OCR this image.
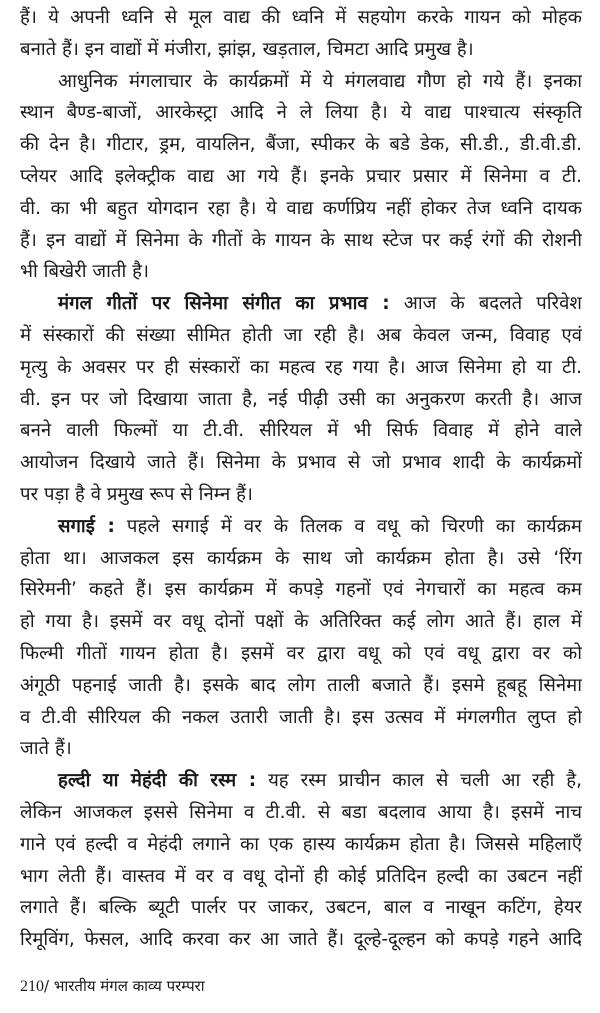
हैं। ये अपनी ध्वनि से मूल वाद्य की ध्वनि में सहयोग करके गायन को मोहक
बनाते हैं। इन वाद्यों में मंजीरा, झांझ, खड़ताल, चिमटा आदि प्रमुख है।
आधुनिक मंगलाचार के कार्यक्रमों में ये मंगलवाद्य गौण हो गये हैं। इनका
स्थान बैण्ड-बाजों, आरकेस्ट्रा आदि ने ले लिया है। ये वाद्य पाश्चात्य संस्कृति
की देन है। गीटार, ड्रम, वायलिन, बैंजा, स्पीकर के बडे डेक, सी.डी., डी.वी.डी.
प्लेयर आदि इलेक्ट्रीक वाद्य आ गये हैं। इनके प्रचार प्रसार में सिनेमा व टी.
वी. का भी बहुत योगदान रहा है। ये वाद्य कर्णप्रिय नहीं होकर तेज ध्वनि दायक
हैं। इन वाद्यों में सिनेमा के गीतों के गायन के साथ स्टेज पर कई रंगों की रोशनी
भी बिखेरी जाती है।
मंगल गीतों पर सिनेमा संगीत का प्रभाव : आज के बदलते परिवेश
में संस्कारों की संख्या सीमित होती जा रही है। अब केवल जन्म, विवाह एवं
मृत्यु के अवसर पर ही संस्कारों का महत्व रह गया है। आज सिनेमा हो या टी.
वी. इन पर जो दिखाया जाता है, नई पीढ़ी उसी का अनुकरण करती है। आज
बनने वाली फिल्मों या टी.वी. सीरियल में भी सिर्फ विवाह में होने वाले
आयोजन दिखाये जाते हैं। सिनेमा के प्रभाव से जो प्रभाव शादी के कार्यक्रमों
पर पड़ा है वे प्रमुख रूप से निम्न हैं।
सगाई : पहले सगाई में वर के तिलक व वधू को चिरणी का कार्यक्रम
होता था। आजकल इस कार्यक्रम के साथ जो कार्यक्रम होता है। उसे ‘रिंग
सिरेमनी’ कहते हैं। इस कार्यक्रम में कपड़े गहनों एवं नेगचारों का महत्व कम
हो गया है। इसमें वर वधू दोनों पक्षों के अतिरिक्त कई लोग आते हैं। हाल में
फिल्मी गीतों गायन होता है। इसमें वर द्वारा वधू को एवं वधू द्वारा वर को
अंगूठी पहनाई जाती है। इसके बाद लोग ताली बजाते हैं। इसमे हूबहू सिनेमा
व टी.वी सीरियल की नकल उतारी जाती है। इस उत्सव में मंगलगीत लुप्त हो
जाते हैं।
हल्दी या मेहंदी की रस्म : यह रस्म प्राचीन काल से चली आ रही है,
लेकिन आजकल इससे सिनेमा व टी.वी. से बडा बदलाव आया है। इसमें नाच
गाने एवं हल्दी व मेहंदी लगाने का एक हास्य कार्यक्रम होता है। जिससे महिलाएँ
भाग लेती हैं। वास्तव में वर व वधू दोनों ही कोई प्रतिदिन हल्दी का उबटन नहीं
लगाते हैं। बल्कि ब्यूटी पार्लर पर जाकर, उबटन, बाल व नाखून कटिंग, हेयर
रिमूविंग, फेसल, आदि करवा कर आ जाते हैं। दूल्हे-दूल्हन को कपड़े गहने आदि
210/ भारतीय मंगल काव्य परम्परा
